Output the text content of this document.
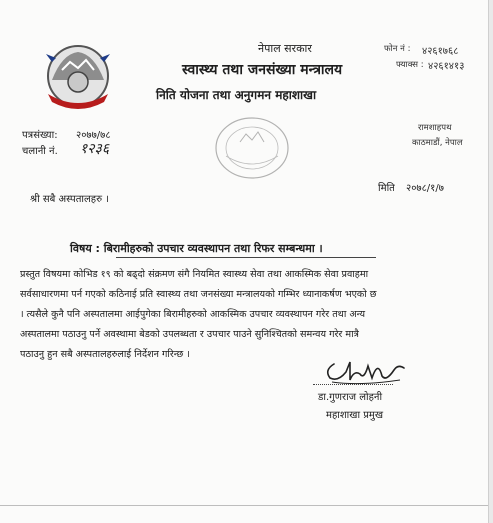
नेपाल सरकार
स्वास्थ्य तथा जनसंख्या मन्त्रालय
निति योजना तथा अनुगमन महाशाखा
फोन नं : ४२६१७६८
फ्याक्स : ४२६१४१३
रामशाहपथ
काठमाडौं, नेपाल
पत्रसंख्या: २०७७/७८
चलानी नं. १२३६
मिति २०७८/१/७
श्री सबै अस्पतालहरु ।
विषय : बिरामीहरुको उपचार व्यवस्थापन तथा रिफर सम्बन्धमा ।
प्रस्तुत विषयमा कोभिड १९ को बढ्दो संक्रमण संगै नियमित स्वास्थ्य सेवा तथा आकस्मिक सेवा प्रवाहमा
सर्वसाधारणमा पर्न गएको कठिनाई प्रति स्वास्थ्य तथा जनसंख्या मन्त्रालयको गम्भिर ध्यानाकर्षण भएको छ
। त्यसैले कुनै पनि अस्पतालमा आईपुगेका बिरामीहरुको आकस्मिक उपचार व्यवस्थापन गरेर तथा अन्य
अस्पतालमा पठाउनु पर्ने अवस्थामा बेडको उपलब्धता र उपचार पाउने सुनिश्चितको समन्वय गरेर मात्रै
पठाउनु हुन सबै अस्पतालहरुलाई निर्देशन गरिन्छ ।
डा.गुणराज लोहनी
महाशाखा प्रमुख
